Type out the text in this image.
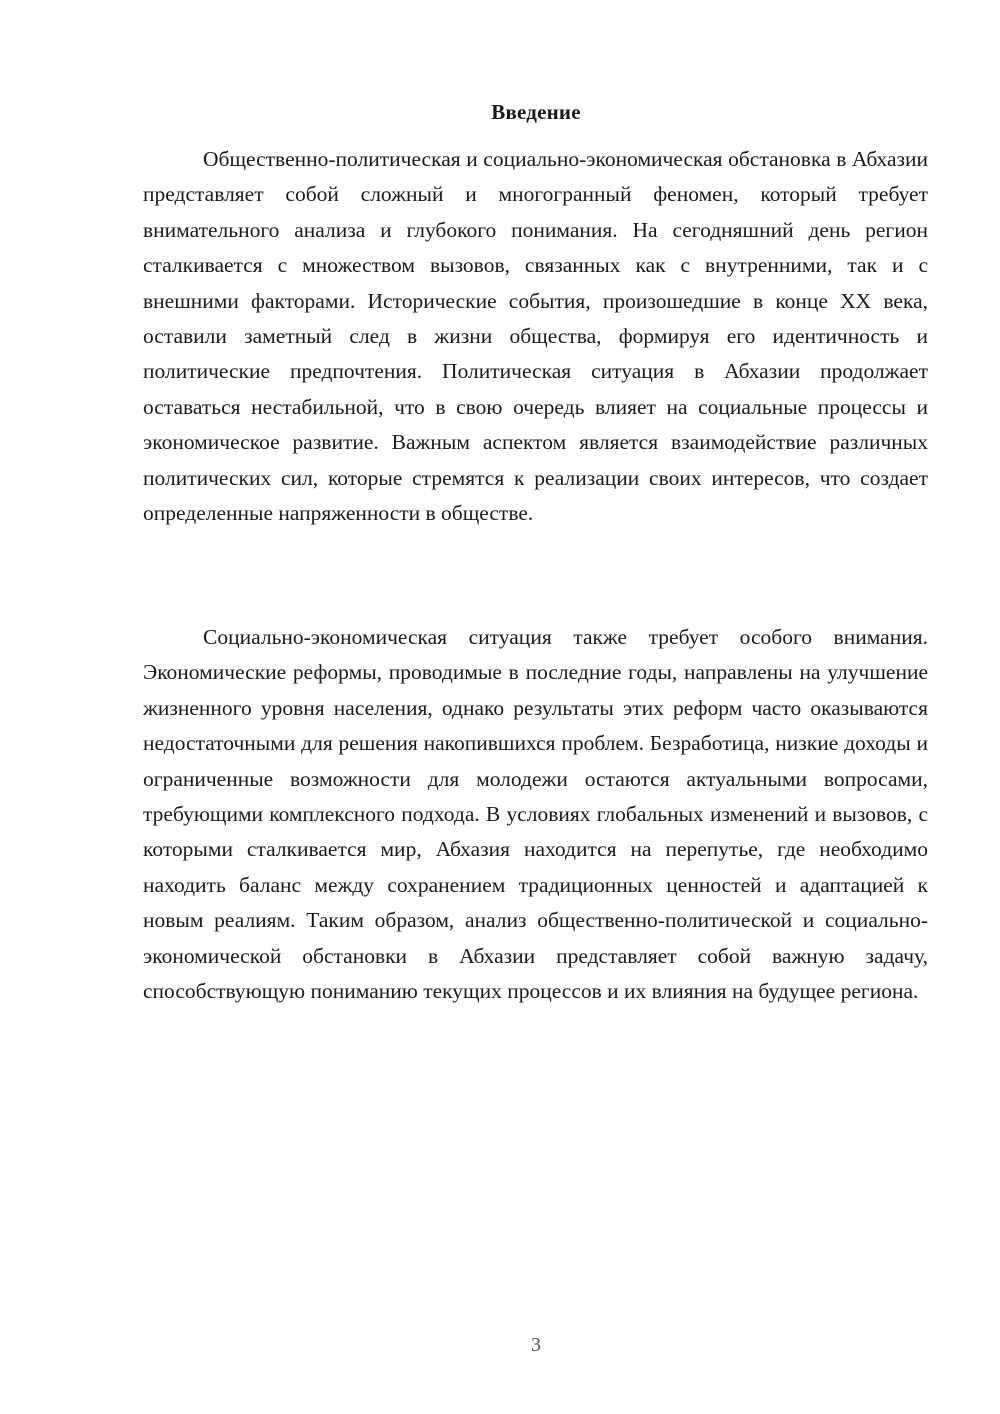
Введение

Общественно-политическая и социально-экономическая обстановка в Абхазии представляет собой сложный и многогранный феномен, который требует внимательного анализа и глубокого понимания. На сегодняшний день регион сталкивается с множеством вызовов, связанных как с внутренними, так и с внешними факторами. Исторические события, произошедшие в конце XX века, оставили заметный след в жизни общества, формируя его идентичность и политические предпочтения. Политическая ситуация в Абхазии продолжает оставаться нестабильной, что в свою очередь влияет на социальные процессы и экономическое развитие. Важным аспектом является взаимодействие различных политических сил, которые стремятся к реализации своих интересов, что создает определенные напряженности в обществе.

Социально-экономическая ситуация также требует особого внимания. Экономические реформы, проводимые в последние годы, направлены на улучшение жизненного уровня населения, однако результаты этих реформ часто оказываются недостаточными для решения накопившихся проблем. Безработица, низкие доходы и ограниченные возможности для молодежи остаются актуальными вопросами, требующими комплексного подхода. В условиях глобальных изменений и вызовов, с которыми сталкивается мир, Абхазия находится на перепутье, где необходимо находить баланс между сохранением традиционных ценностей и адаптацией к новым реалиям. Таким образом, анализ общественно-политической и социально-экономической обстановки в Абхазии представляет собой важную задачу, способствующую пониманию текущих процессов и их влияния на будущее региона.

3
